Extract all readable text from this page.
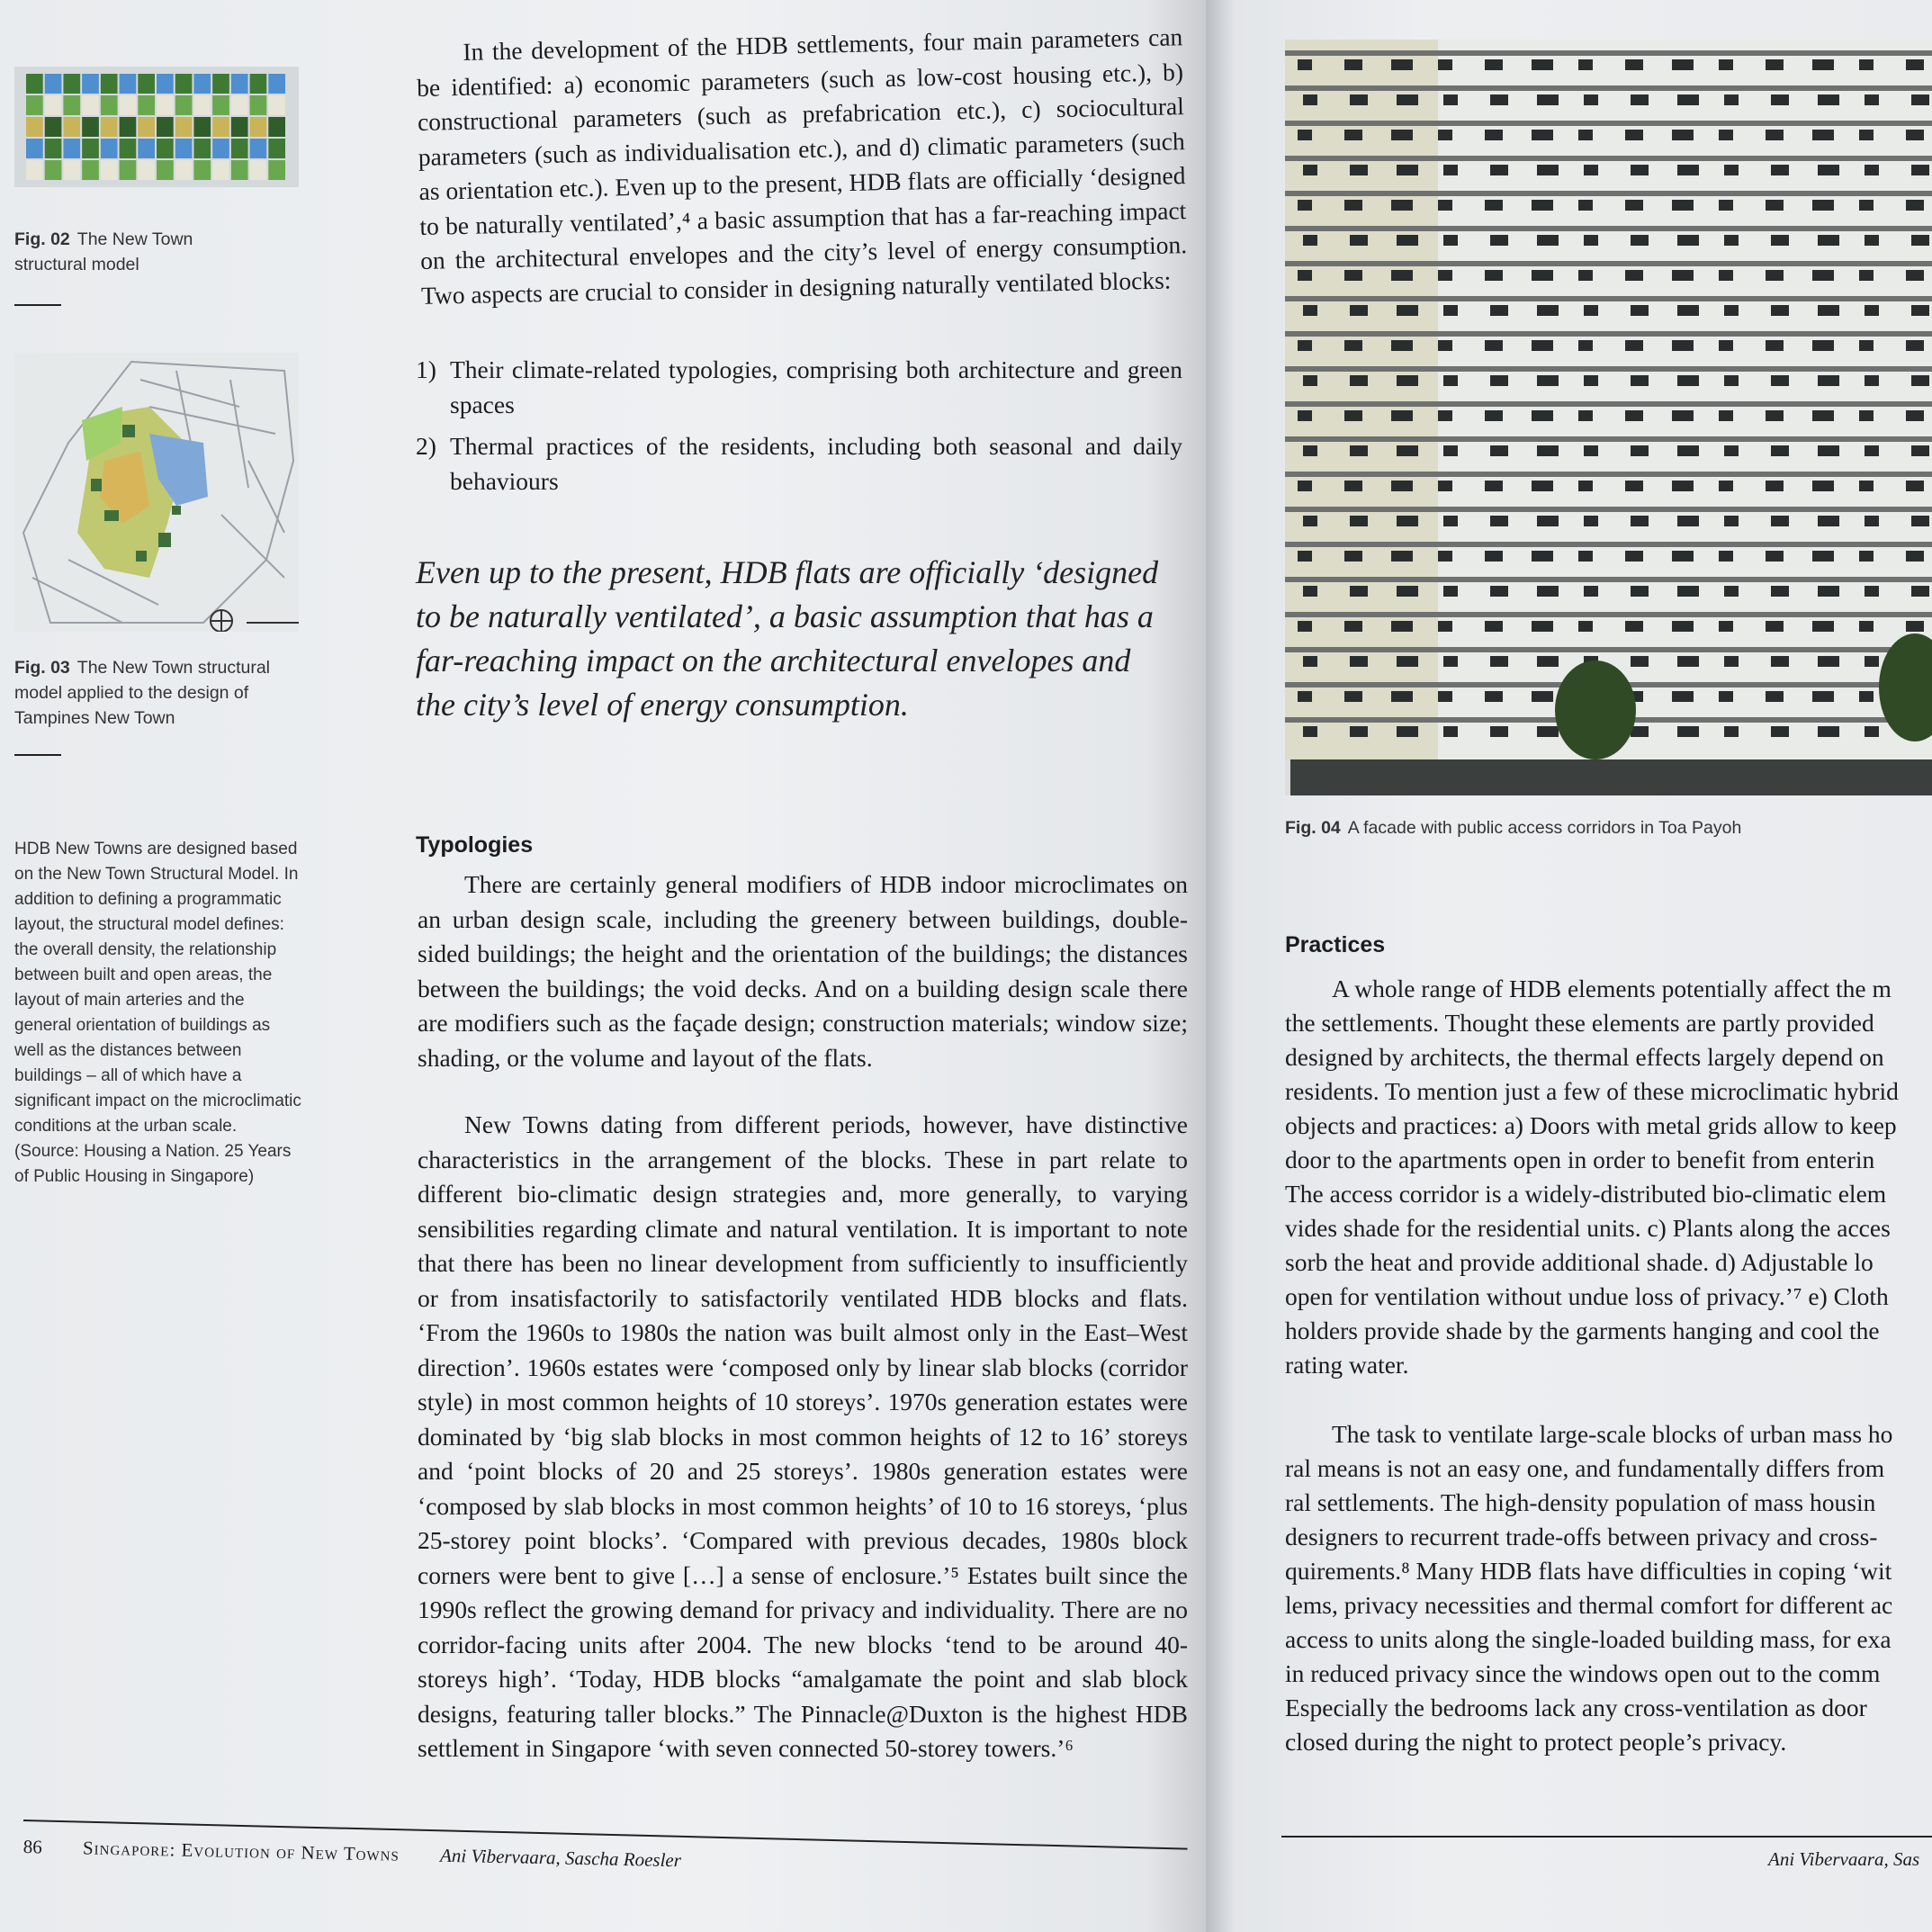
Fig. 02 The New Town structural model
Fig. 03 The New Town structural model applied to the design of Tampines New Town
HDB New Towns are designed based on the New Town Structural Model. In addition to defining a programmatic layout, the structural model defines: the overall density, the relationship between built and open areas, the layout of main arteries and the general orientation of buildings as well as the distances between buildings – all of which have a significant impact on the microclimatic conditions at the urban scale. (Source: Housing a Nation. 25 Years of Public Housing in Singapore)

In the development of the HDB settlements, four main parameters can be identified: a) economic parameters (such as low-cost housing etc.), b) constructional parameters (such as prefabrication etc.), c) sociocultural parameters (such as individualisation etc.), and d) climatic parameters (such as orientation etc.). Even up to the present, HDB flats are officially ‘designed to be naturally ventilated’,⁴ a basic assumption that has a far-reaching impact on the architectural envelopes and the city’s level of energy consumption. Two aspects are crucial to consider in designing naturally ventilated blocks:

1) Their climate-related typologies, comprising both architecture and green spaces
2) Thermal practices of the residents, including both seasonal and daily behaviours
Even up to the present, HDB flats are officially ‘designed to be naturally ventilated’, a basic assumption that has a far-reaching impact on the architectural envelopes and the city’s level of energy consumption.
Typologies

There are certainly general modifiers of HDB indoor microclimates on an urban design scale, including the greenery between buildings, double-sided buildings; the height and the orientation of the buildings; the distances between the buildings; the void decks. And on a building design scale there are modifiers such as the façade design; construction materials; window size; shading, or the volume and layout of the flats.

New Towns dating from different periods, however, have distinctive characteristics in the arrangement of the blocks. These in part relate to different bio-climatic design strategies and, more generally, to varying sensibilities regarding climate and natural ventilation. It is important to note that there has been no linear development from sufficiently to insufficiently or from insatisfactorily to satisfactorily ventilated HDB blocks and flats. ‘From the 1960s to 1980s the nation was built almost only in the East–West direction’. 1960s estates were ‘composed only by linear slab blocks (corridor style) in most common heights of 10 storeys’. 1970s generation estates were dominated by ‘big slab blocks in most common heights of 12 to 16’ storeys and ‘point blocks of 20 and 25 storeys’. 1980s generation estates were ‘composed by slab blocks in most common heights’ of 10 to 16 storeys, ‘plus 25-storey point blocks’. ‘Compared with previous decades, 1980s block corners were bent to give […] a sense of enclosure.’⁵ Estates built since the 1990s reflect the growing demand for privacy and individuality. There are no corridor-facing units after 2004. The new blocks ‘tend to be around 40-storeys high’. ‘Today, HDB blocks “amalgamate the point and slab block designs, featuring taller blocks.” The Pinnacle@Duxton is the highest HDB settlement in Singapore ‘with seven connected 50-storey towers.’⁶

86 Singapore: Evolution of New Towns Ani Vibervaara, Sascha Roesler
Fig. 04 A facade with public access corridors in Toa Payoh
Practices
A whole range of HDB elements potentially affect the m
the settlements. Thought these elements are partly provided
designed by architects, the thermal effects largely depend on
residents. To mention just a few of these microclimatic hybrid
objects and practices: a) Doors with metal grids allow to keep
door to the apartments open in order to benefit from enterin
The access corridor is a widely-distributed bio-climatic elem
vides shade for the residential units. c) Plants along the acces
sorb the heat and provide additional shade. d) Adjustable lo
open for ventilation without undue loss of privacy.’⁷ e) Cloth
holders provide shade by the garments hanging and cool the
rating water.
The task to ventilate large-scale blocks of urban mass ho
ral means is not an easy one, and fundamentally differs from
ral settlements. The high-density population of mass housin
designers to recurrent trade-offs between privacy and cross-
quirements.⁸ Many HDB flats have difficulties in coping ‘wit
lems, privacy necessities and thermal comfort for different ac
access to units along the single-loaded building mass, for exa
in reduced privacy since the windows open out to the comm
Especially the bedrooms lack any cross-ventilation as door
closed during the night to protect people’s privacy.
Ani Vibervaara, Sas
